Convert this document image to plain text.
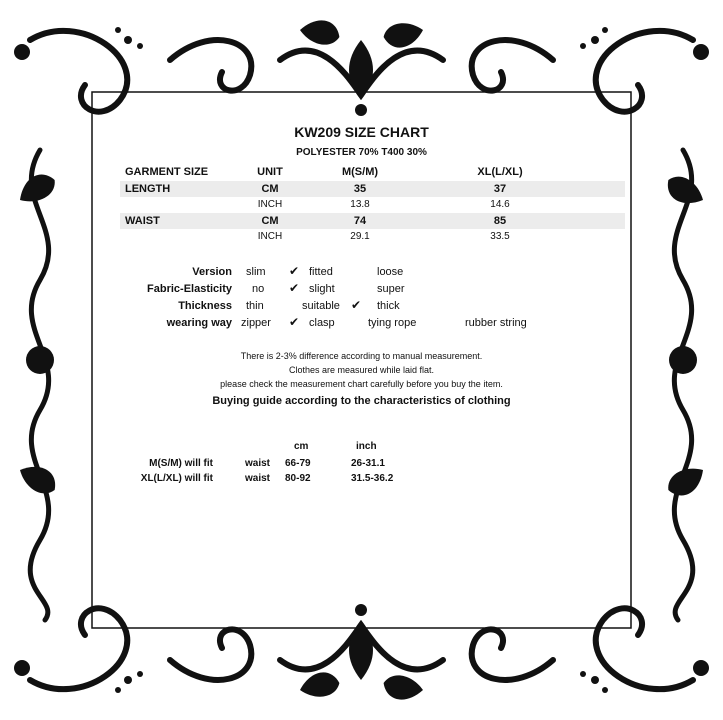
KW209 SIZE CHART
POLYESTER 70% T400 30%
GARMENT SIZE	UNIT	M(S/M)	XL(L/XL)
LENGTH	CM	35	37
INCH	13.8	14.6
WAIST	CM	74	85
INCH	29.1	33.5
Version slim ✔ fitted	loose
Fabric-Elasticity no ✔ slight	super
Thickness thin	suitable ✔ thick
wearing way zipper ✔ clasp	tying rope	rubber string
There is 2-3% difference according to manual measurement.
Clothes are measured while laid flat.
please check the measurement chart carefully before you buy the item.
Buying guide according to the characteristics of clothing
cm	inch
M(S/M) will fit	waist 66-79	26-31.1
XL(L/XL) will fit	waist 80-92	31.5-36.2
